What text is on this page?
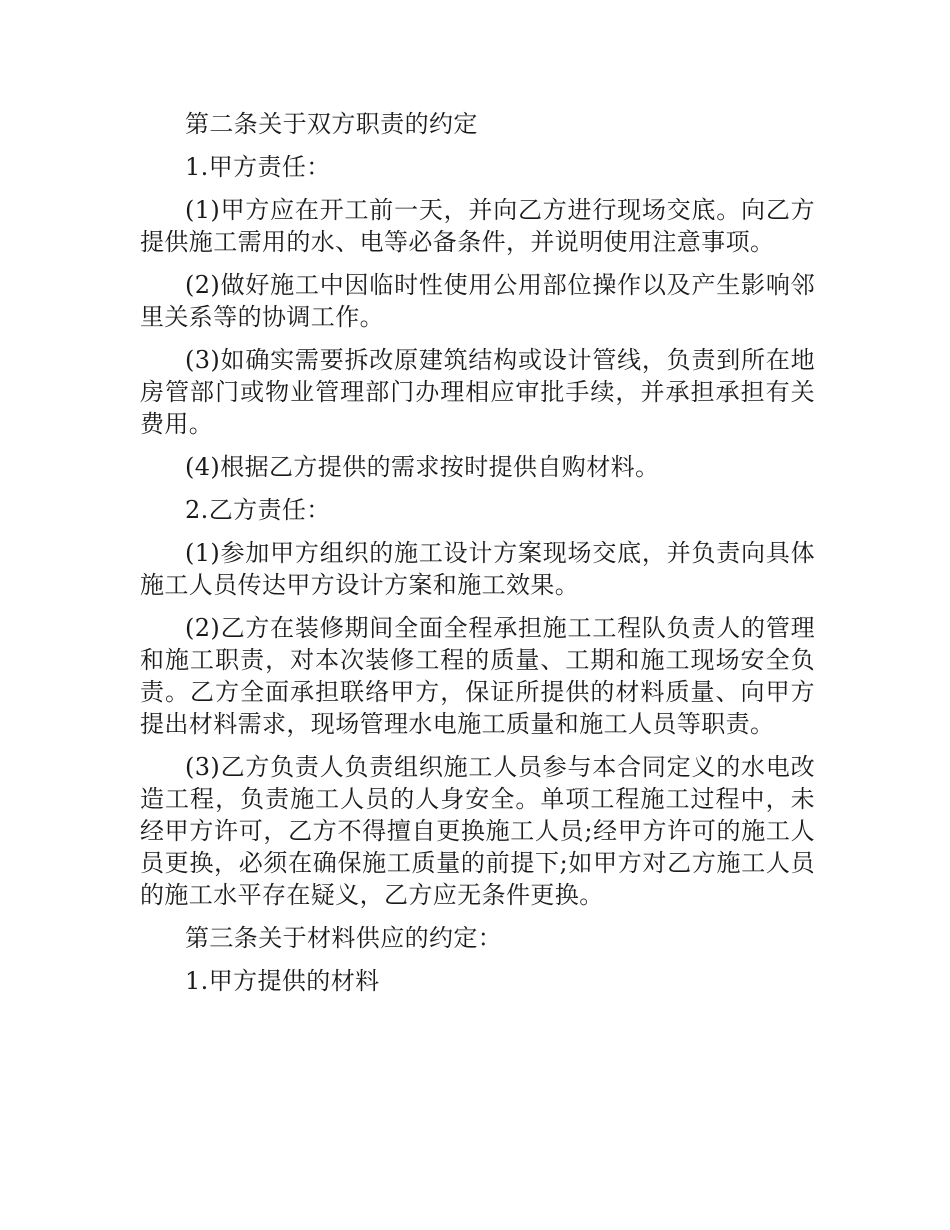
第二条关于双方职责的约定

1.甲方责任：

(1)甲方应在开工前一天，并向乙方进行现场交底。向乙方提供施工需用的水、电等必备条件，并说明使用注意事项。

(2)做好施工中因临时性使用公用部位操作以及产生影响邻里关系等的协调工作。

(3)如确实需要拆改原建筑结构或设计管线，负责到所在地房管部门或物业管理部门办理相应审批手续，并承担承担有关费用。

(4)根据乙方提供的需求按时提供自购材料。

2.乙方责任：

(1)参加甲方组织的施工设计方案现场交底，并负责向具体施工人员传达甲方设计方案和施工效果。

(2)乙方在装修期间全面全程承担施工工程队负责人的管理和施工职责，对本次装修工程的质量、工期和施工现场安全负责。乙方全面承担联络甲方，保证所提供的材料质量、向甲方提出材料需求，现场管理水电施工质量和施工人员等职责。

(3)乙方负责人负责组织施工人员参与本合同定义的水电改造工程，负责施工人员的人身安全。单项工程施工过程中，未经甲方许可，乙方不得擅自更换施工人员;经甲方许可的施工人员更换，必须在确保施工质量的前提下;如甲方对乙方施工人员的施工水平存在疑义，乙方应无条件更换。

第三条关于材料供应的约定：

1.甲方提供的材料
